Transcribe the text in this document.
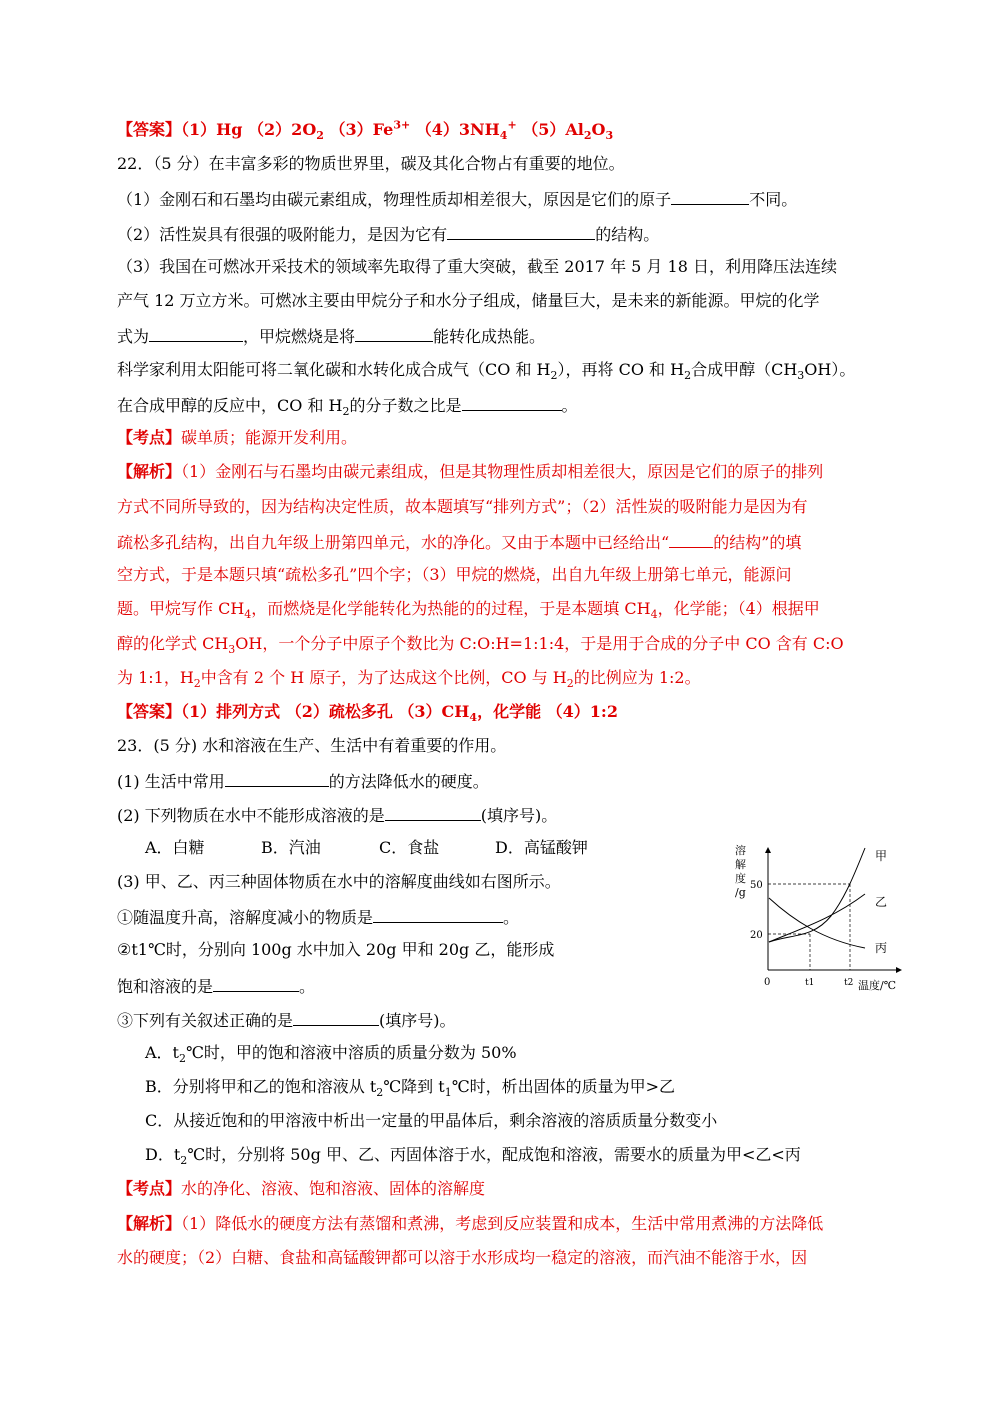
【答案】（1）Hg $(2)2O_2$ $(3)Fe^{3+}$ $(4)3NH_4^+$ $(5)Al_2O_3$
22．（5 分）在丰富多彩的物质世界里，碳及其化合物占有重要的地位。
（1）金刚石和石墨均由碳元素组成，物理性质却相差很大，原因是它们的原子	不同。
（2）活性炭具有很强的吸附能力，是因为它有	的结构。
（3）我国在可燃冰开采技术的领域率先取得了重大突破，截至 2017 年 5 月 18 日，利用降压法连续
产气 12 万立方米。可燃冰主要由甲烷分子和水分子组成，储量巨大，是未来的新能源。甲烷的化学
式为	，甲烷燃烧是将	能转化成热能。
科学家利用太阳能可将二氧化碳和水转化成合成气（CO 和 $H_2$），再将 CO 和 $H_2$合成甲醇$(CH_3OH)$。
在合成甲醇的反应中，CO 和 $H_2$的分子数之比是	。
【考点】碳单质；能源开发利用。
【解析】（1）金刚石与石墨均由碳元素组成，但是其物理性质却相差很大，原因是它们的原子的排列
方式不同所导致的，因为结构决定性质，故本题填写“排列方式”；（2）活性炭的吸附能力是因为有
疏松多孔结构，出自九年级上册第四单元，水的净化。又由于本题中已经给出“	的结构”的填
空方式，于是本题只填“疏松多孔”四个字；（3）甲烷的燃烧，出自九年级上册第七单元，能源问
题。甲烷写作 $CH_4$，而燃烧是化学能转化为热能的的过程，于是本题填 $CH_4$，化学能；（4）根据甲
醇的化学式 $CH_3OH$，一个分子中原子个数比为 C:O:H=1:1:4，于是用于合成的分子中 CO 含有 C:O
为 1:1，$H_2$中含有 2 个 H 原子，为了达成这个比例，CO 与 $H_2$的比例应为 1:2。
【答案】（1）排列方式 （2）疏松多孔 $(3)CH_4$，化学能 （4）1:2
23．(5 分) 水和溶液在生产、生活中有着重要的作用。
(1) 生活中常用	的方法降低水的硬度。
(2) 下列物质在水中不能形成溶液的是	(填序号)。
A．白糖	B．汽油	C．食盐	D．高锰酸钾
(3) 甲、乙、丙三种固体物质在水中的溶解度曲线如右图所示。
①随温度升高，溶解度减小的物质是	。
②t1℃时，分别向 100g 水中加入 20g 甲和 20g 乙，能形成
饱和溶液的是	。
③下列有关叙述正确的是	(填序号)。
A．$t_2℃$时，甲的饱和溶液中溶质的质量分数为 50%
B．分别将甲和乙的饱和溶液从 $t_2℃$降到 $t_1℃$时，析出固体的质量为甲>乙
C．从接近饱和的甲溶液中析出一定量的甲晶体后，剩余溶液的溶质质量分数变小
D．$t_2℃$时，分别将 50g 甲、乙、丙固体溶于水，配成饱和溶液，需要水的质量为甲<乙<丙
【考点】水的净化、溶液、饱和溶液、固体的溶解度
【解析】（1）降低水的硬度方法有蒸馏和煮沸，考虑到反应装置和成本，生活中常用煮沸的方法降低
水的硬度；（2）白糖、食盐和高锰酸钾都可以溶于水形成均一稳定的溶液，而汽油不能溶于水，因
溶
解
度
/g
50
20
0	t1	t2 温度/℃
甲
乙
丙
